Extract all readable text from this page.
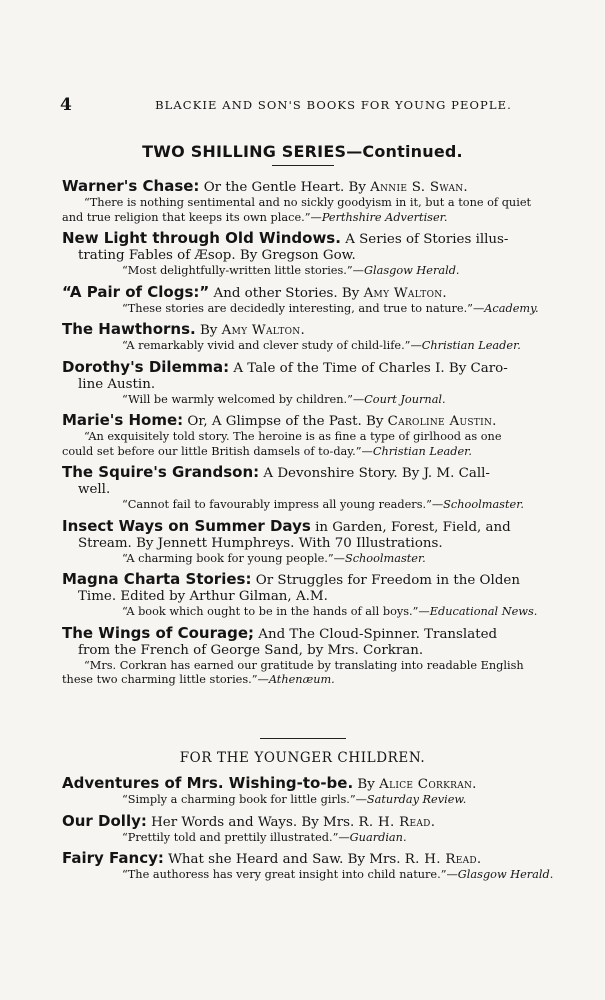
4	BLACKIE AND SON'S BOOKS FOR YOUNG PEOPLE.
TWO SHILLING SERIES—Continued.
Warner's Chase: Or the Gentle Heart. By Annie S. Swan.
“There is nothing sentimental and no sickly goodyism in it, but a tone of quiet
and true religion that keeps its own place.”—Perthshire Advertiser.
New Light through Old Windows. A Series of Stories illus-
trating Fables of Æsop. By Gregson Gow.
“Most delightfully-written little stories.”—Glasgow Herald.
“A Pair of Clogs:” And other Stories. By Amy Walton.
“These stories are decidedly interesting, and true to nature.”—Academy.
The Hawthorns. By Amy Walton.
“A remarkably vivid and clever study of child-life.”—Christian Leader.
Dorothy's Dilemma: A Tale of the Time of Charles I. By Caro-
line Austin.
“Will be warmly welcomed by children.”—Court Journal.
Marie's Home: Or, A Glimpse of the Past. By Caroline Austin.
“An exquisitely told story. The heroine is as fine a type of girlhood as one
could set before our little British damsels of to-day.”—Christian Leader.
The Squire's Grandson: A Devonshire Story. By J. M. Call-
well.
“Cannot fail to favourably impress all young readers.”—Schoolmaster.
Insect Ways on Summer Days in Garden, Forest, Field, and
Stream. By Jennett Humphreys. With 70 Illustrations.
“A charming book for young people.”—Schoolmaster.
Magna Charta Stories: Or Struggles for Freedom in the Olden
Time. Edited by Arthur Gilman, A.M.
“A book which ought to be in the hands of all boys.”—Educational News.
The Wings of Courage; And The Cloud-Spinner. Translated
from the French of George Sand, by Mrs. Corkran.
“Mrs. Corkran has earned our gratitude by translating into readable English
these two charming little stories.”—Athenæum.
FOR THE YOUNGER CHILDREN.
Adventures of Mrs. Wishing-to-be. By Alice Corkran.
“Simply a charming book for little girls.”—Saturday Review.
Our Dolly: Her Words and Ways. By Mrs. R. H. Read.
“Prettily told and prettily illustrated.”—Guardian.
Fairy Fancy: What she Heard and Saw. By Mrs. R. H. Read.
“The authoress has very great insight into child nature.”—Glasgow Herald.
